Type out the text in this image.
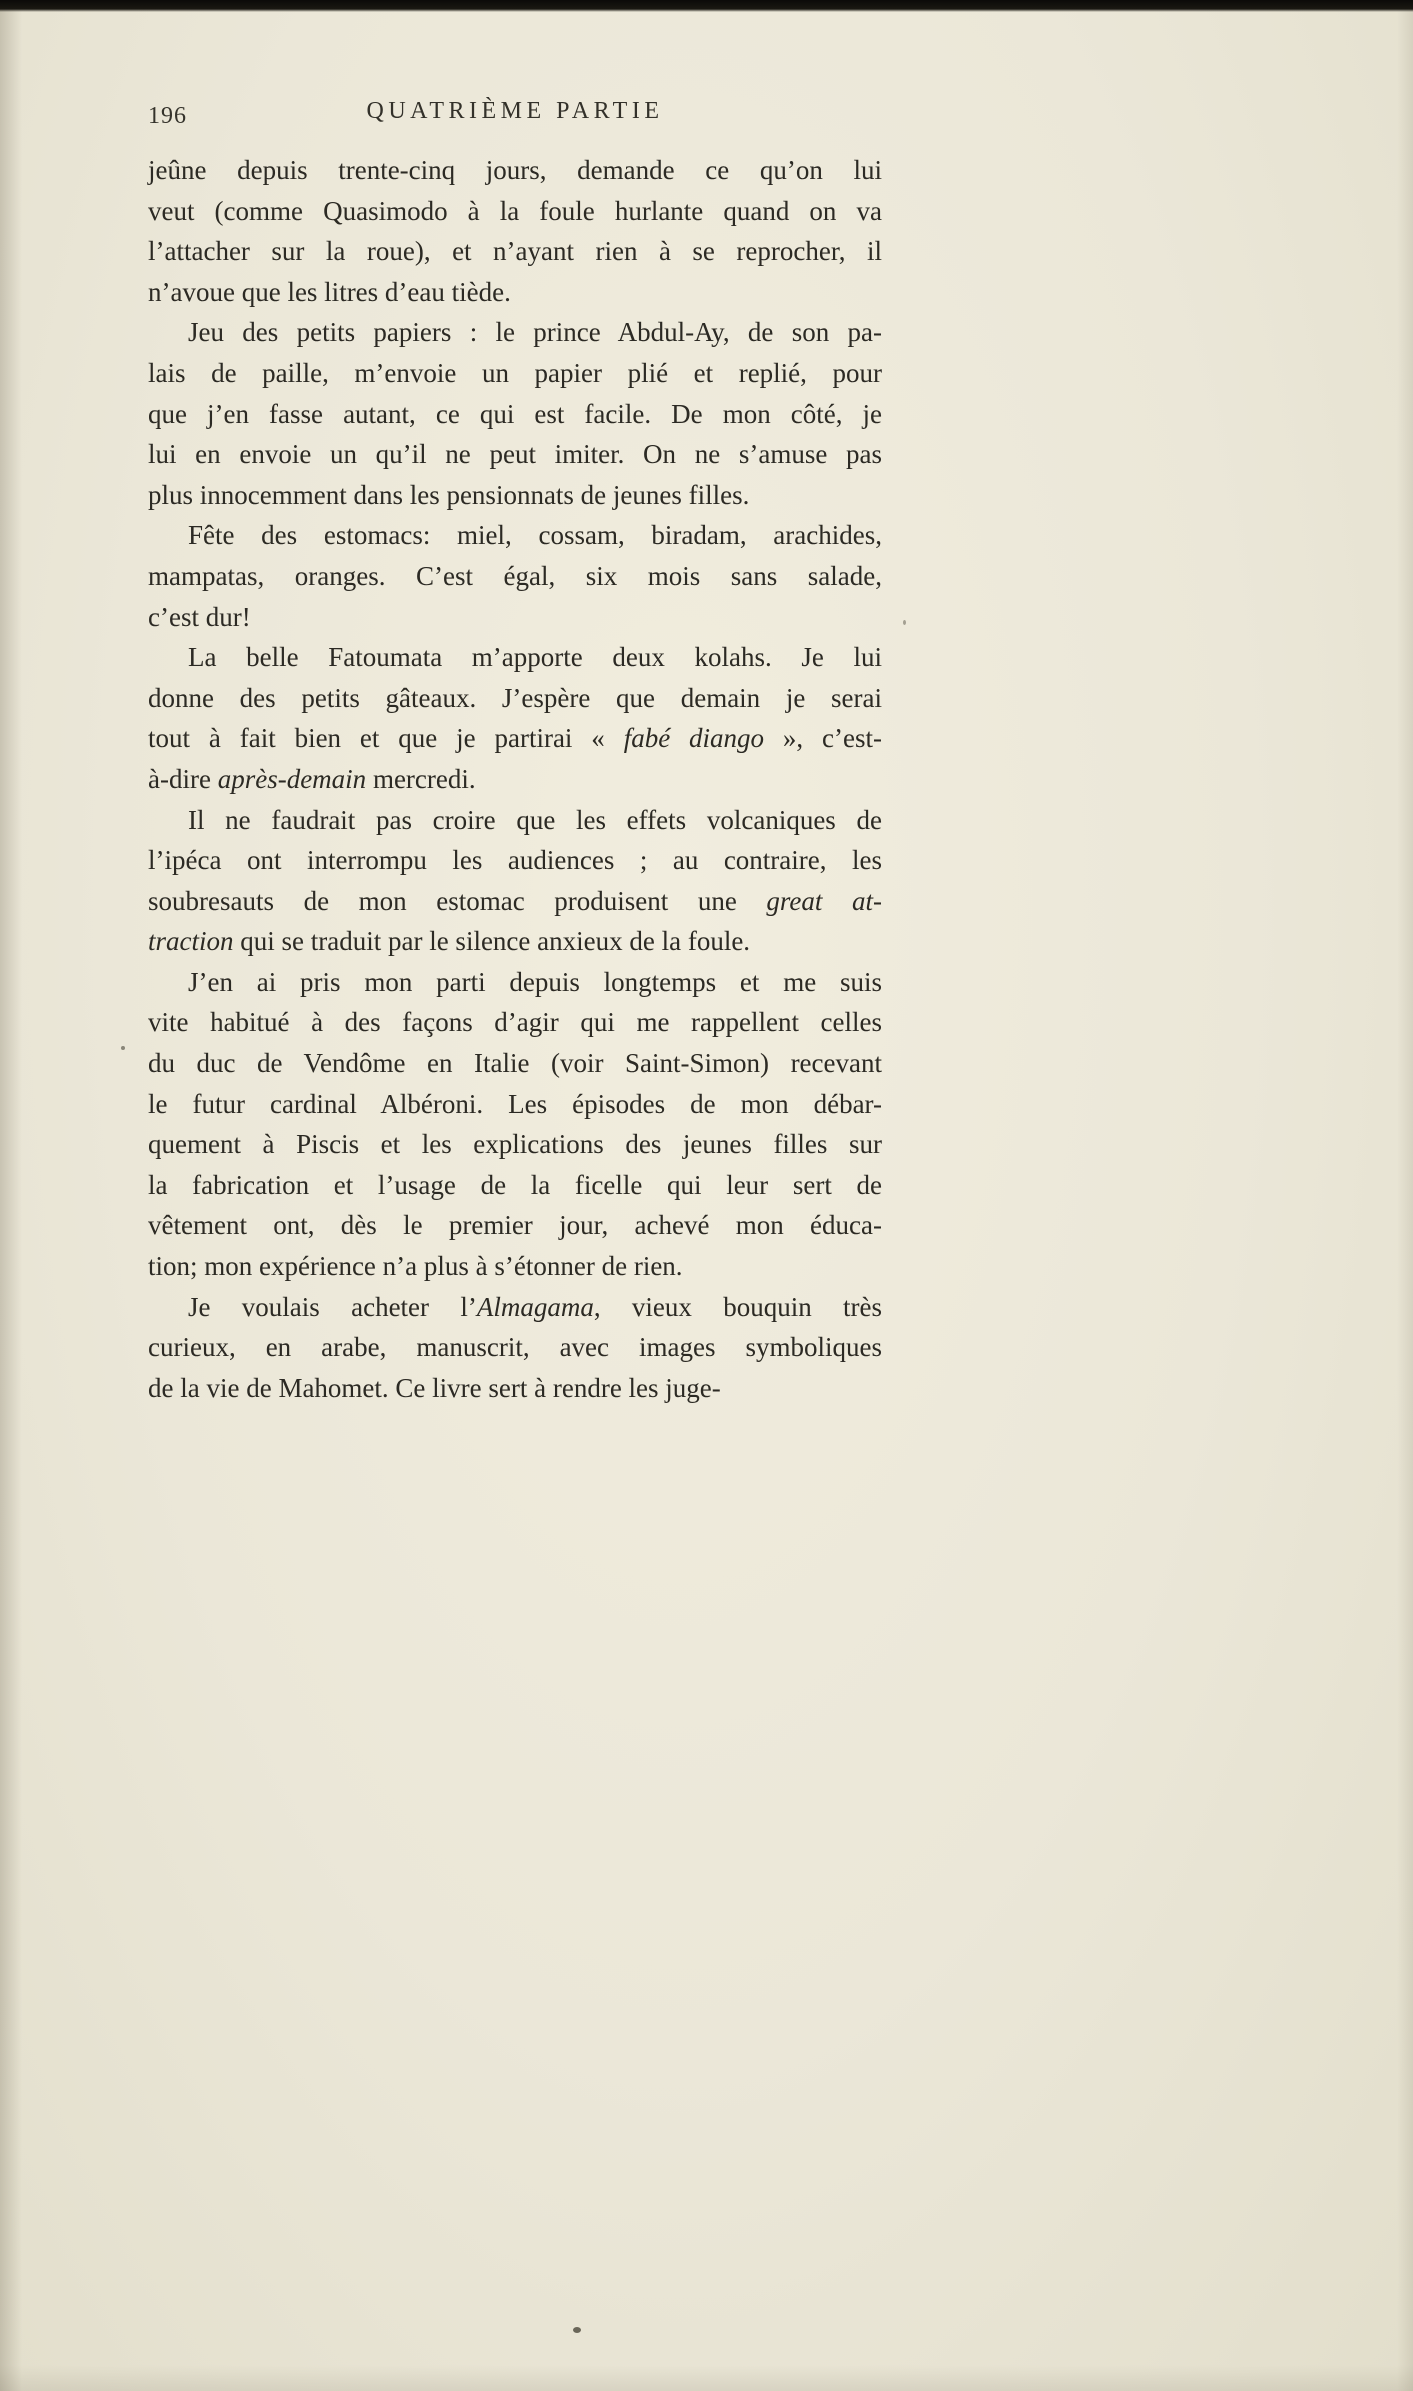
196	QUATRIÈME PARTIE
jeûne depuis trente-cinq jours, demande ce qu’on lui
veut (comme Quasimodo à la foule hurlante quand on va
l’attacher sur la roue), et n’ayant rien à se reprocher, il
n’avoue que les litres d’eau tiède.
Jeu des petits papiers : le prince Abdul-Ay, de son pa-
lais de paille, m’envoie un papier plié et replié, pour
que j’en fasse autant, ce qui est facile. De mon côté, je
lui en envoie un qu’il ne peut imiter. On ne s’amuse pas
plus innocemment dans les pensionnats de jeunes filles.
Fête des estomacs: miel, cossam, biradam, arachides,
mampatas, oranges. C’est égal, six mois sans salade,
c’est dur!
La belle Fatoumata m’apporte deux kolahs. Je lui
donne des petits gâteaux. J’espère que demain je serai
tout à fait bien et que je partirai « fabé diango », c’est-
à-dire après-demain mercredi.
Il ne faudrait pas croire que les effets volcaniques de
l’ipéca ont interrompu les audiences ; au contraire, les
soubresauts de mon estomac produisent une great at-
traction qui se traduit par le silence anxieux de la foule.
J’en ai pris mon parti depuis longtemps et me suis
vite habitué à des façons d’agir qui me rappellent celles
du duc de Vendôme en Italie (voir Saint-Simon) recevant
le futur cardinal Albéroni. Les épisodes de mon débar-
quement à Piscis et les explications des jeunes filles sur
la fabrication et l’usage de la ficelle qui leur sert de
vêtement ont, dès le premier jour, achevé mon éduca-
tion; mon expérience n’a plus à s’étonner de rien.
Je voulais acheter l’Almagama, vieux bouquin très
curieux, en arabe, manuscrit, avec images symboliques
de la vie de Mahomet. Ce livre sert à rendre les juge-
